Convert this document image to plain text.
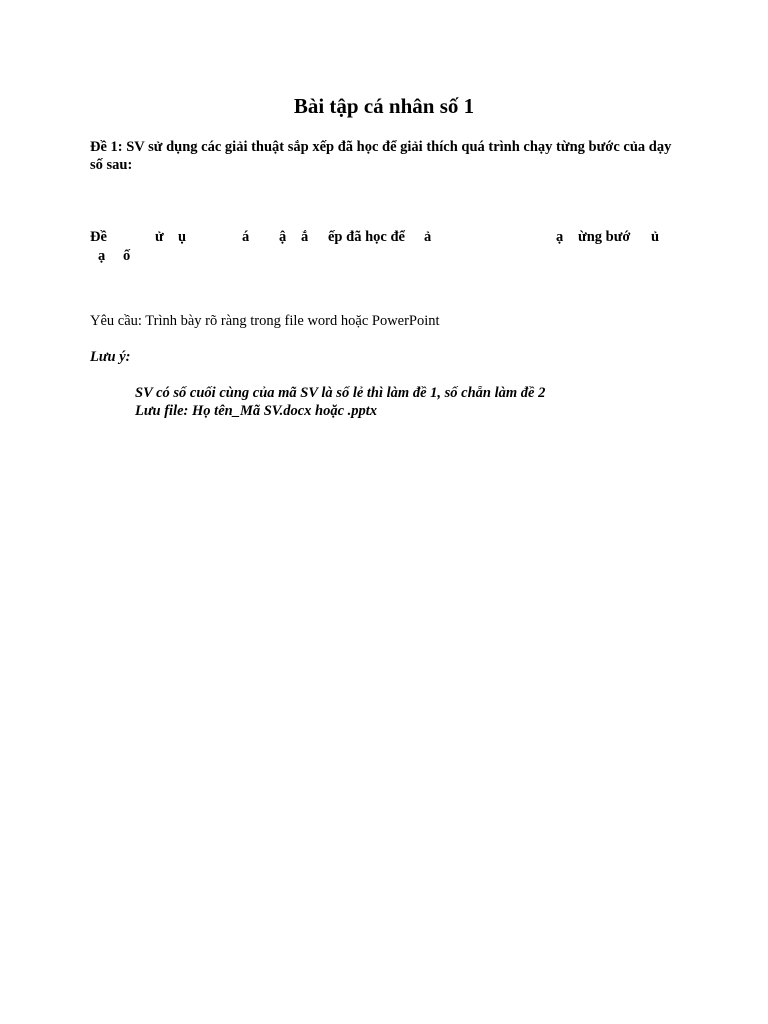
Bài tập cá nhân số 1

Đề 1: SV sử dụng các giải thuật sắp xếp đã học để giải thích quá trình chạy từng bước của dạy số sau:

Đề	ử ụ	á ậ ắ ếp đã học để ả	ạ ừng bướ ủ
ạ ố

Yêu cầu: Trình bày rõ ràng trong file word hoặc PowerPoint

Lưu ý:

SV có số cuối cùng của mã SV là số lẻ thì làm đề 1, số chẵn làm đề 2
Lưu file: Họ tên_Mã SV.docx hoặc .pptx
